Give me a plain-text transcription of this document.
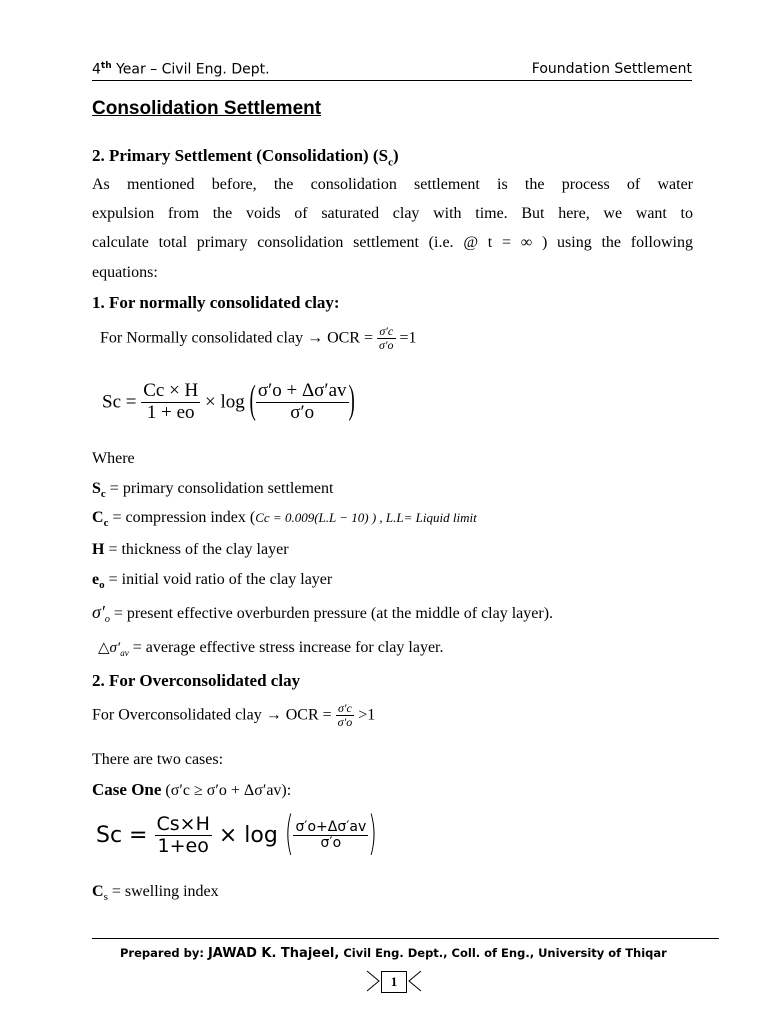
4th Year – Civil Eng. Dept.	Foundation Settlement
Consolidation Settlement
2. Primary Settlement (Consolidation) $(S_c)$
As mentioned before, the consolidation settlement is the process of water
expulsion from the voids of saturated clay with time. But here, we want to
calculate total primary consolidation settlement (i.e. @ t = ∞ ) using the following
equations:
1. For normally consolidated clay:
For Normally consolidated clay → OCR = $\frac{\sigma'c}{\sigma'o} =1$
$Sc = \frac{Cc \times H}{1 + eo} \times \log$ ( $\frac{\sigma'o + \Delta\sigma'av}{\sigma'o}$ )
Where
$S_c$ = primary consolidation settlement
$C_c$ = compression index (Cc = 0.009(L.L − 10) ) , L.L= Liquid limit
H = thickness of the clay layer
$e_o$ = initial void ratio of the clay layer
$\sigma'_o$ = present effective overburden pressure (at the middle of clay layer).
$\triangle\sigma'_{av}$ = average effective stress increase for clay layer.
2. For Overconsolidated clay
For Overconsolidated clay → OCR = $\frac{\sigma'c}{\sigma'o} >1$
There are two cases:
Case One (σ′c ≥ σ′o + Δσ′av):
$Sc = \frac{Cs\times H}{1+eo} \times \log$ ( $\frac{\sigma'o+\Delta\sigma'av}{\sigma'o}$ )
$C_s$ = swelling index
Prepared by: JAWAD K. Thajeel, Civil Eng. Dept., Coll. of Eng., University of Thiqar
1
